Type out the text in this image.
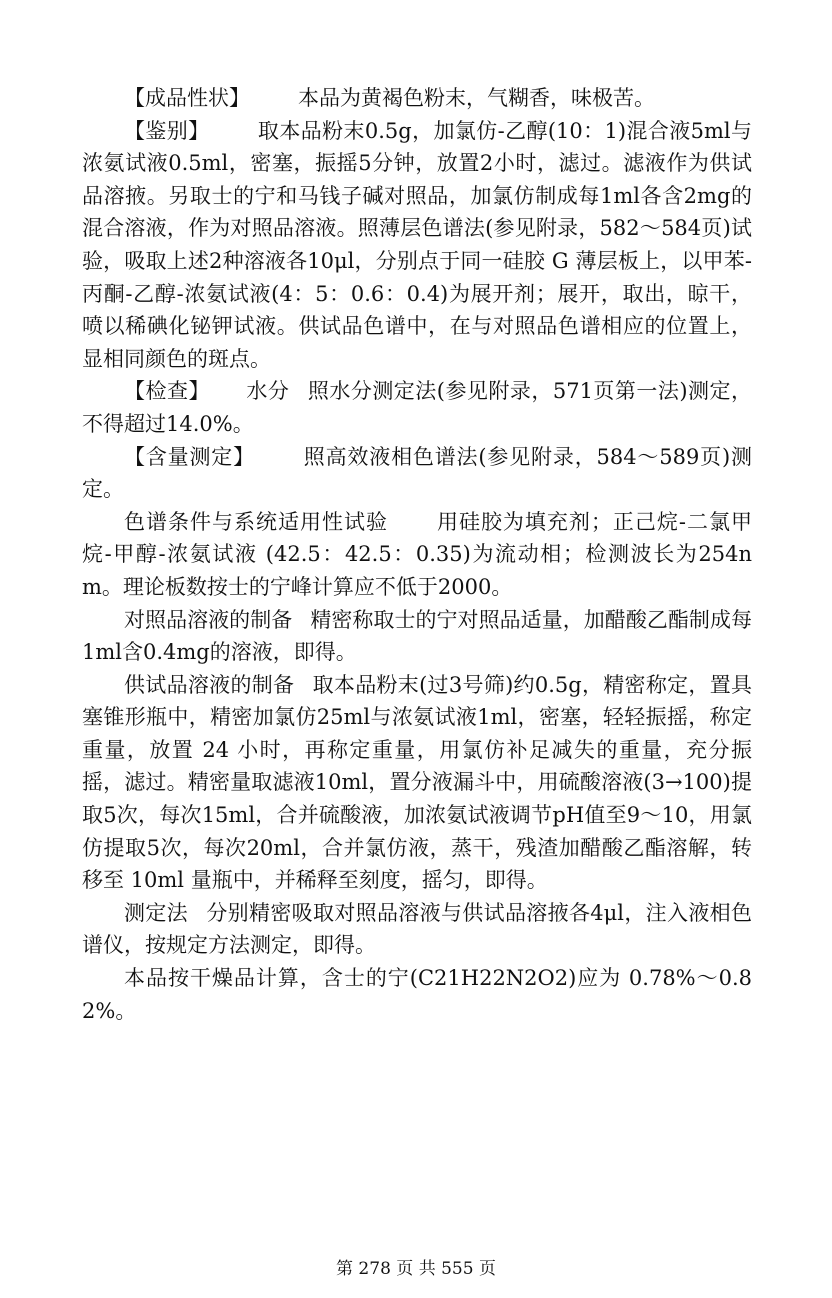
【成品性状】 本品为黄褐色粉末，气糊香，味极苦。

【鉴别】 取本品粉末0.5g，加氯仿-乙醇(10：1)混合液5ml与浓氨试液0.5ml，密塞，振摇5分钟，放置2小时，滤过。滤液作为供试品溶掖。另取士的宁和马钱子碱对照品，加氯仿制成每1ml各含2mg的混合溶液，作为对照品溶液。照薄层色谱法(参见附录，582～584页)试验，吸取上述2种溶液各10μl，分别点于同一硅胶 G 薄层板上，以甲苯-丙酮-乙醇-浓氨试液(4：5：0.6：0.4)为展开剂；展开，取出，晾干，喷以稀碘化铋钾试液。供试品色谱中，在与对照品色谱相应的位置上，显相同颜色的斑点。

【检查】 水分 照水分测定法(参见附录，571页第一法)测定，不得超过14.0%。

【含量测定】 照高效液相色谱法(参见附录，584～589页)测定。

色谱条件与系统适用性试验 用硅胶为填充剂；正己烷-二氯甲烷-甲醇-浓氨试液 (42.5：42.5：0.35)为流动相；检测波长为254nm。理论板数按士的宁峰计算应不低于2000。

对照品溶液的制备 精密称取士的宁对照品适量，加醋酸乙酯制成每1ml含0.4mg的溶液，即得。

供试品溶液的制备 取本品粉末(过3号筛)约0.5g，精密称定，置具塞锥形瓶中，精密加氯仿25ml与浓氨试液1ml，密塞，轻轻振摇，称定重量，放置 24 小时，再称定重量，用氯仿补足减失的重量，充分振摇，滤过。精密量取滤液10ml，置分液漏斗中，用硫酸溶液(3→100)提取5次，每次15ml，合并硫酸液，加浓氨试液调节pH值至9～10，用氯仿提取5次，每次20ml，合并氯仿液，蒸干，残渣加醋酸乙酯溶解，转移至 10ml 量瓶中，并稀释至刻度，摇匀，即得。

测定法 分别精密吸取对照品溶液与供试品溶掖各4μl，注入液相色谱仪，按规定方法测定，即得。

本品按干燥品计算，含士的宁(C21H22N2O2)应为 0.78%～0.82%。

第 278 页 共 555 页
